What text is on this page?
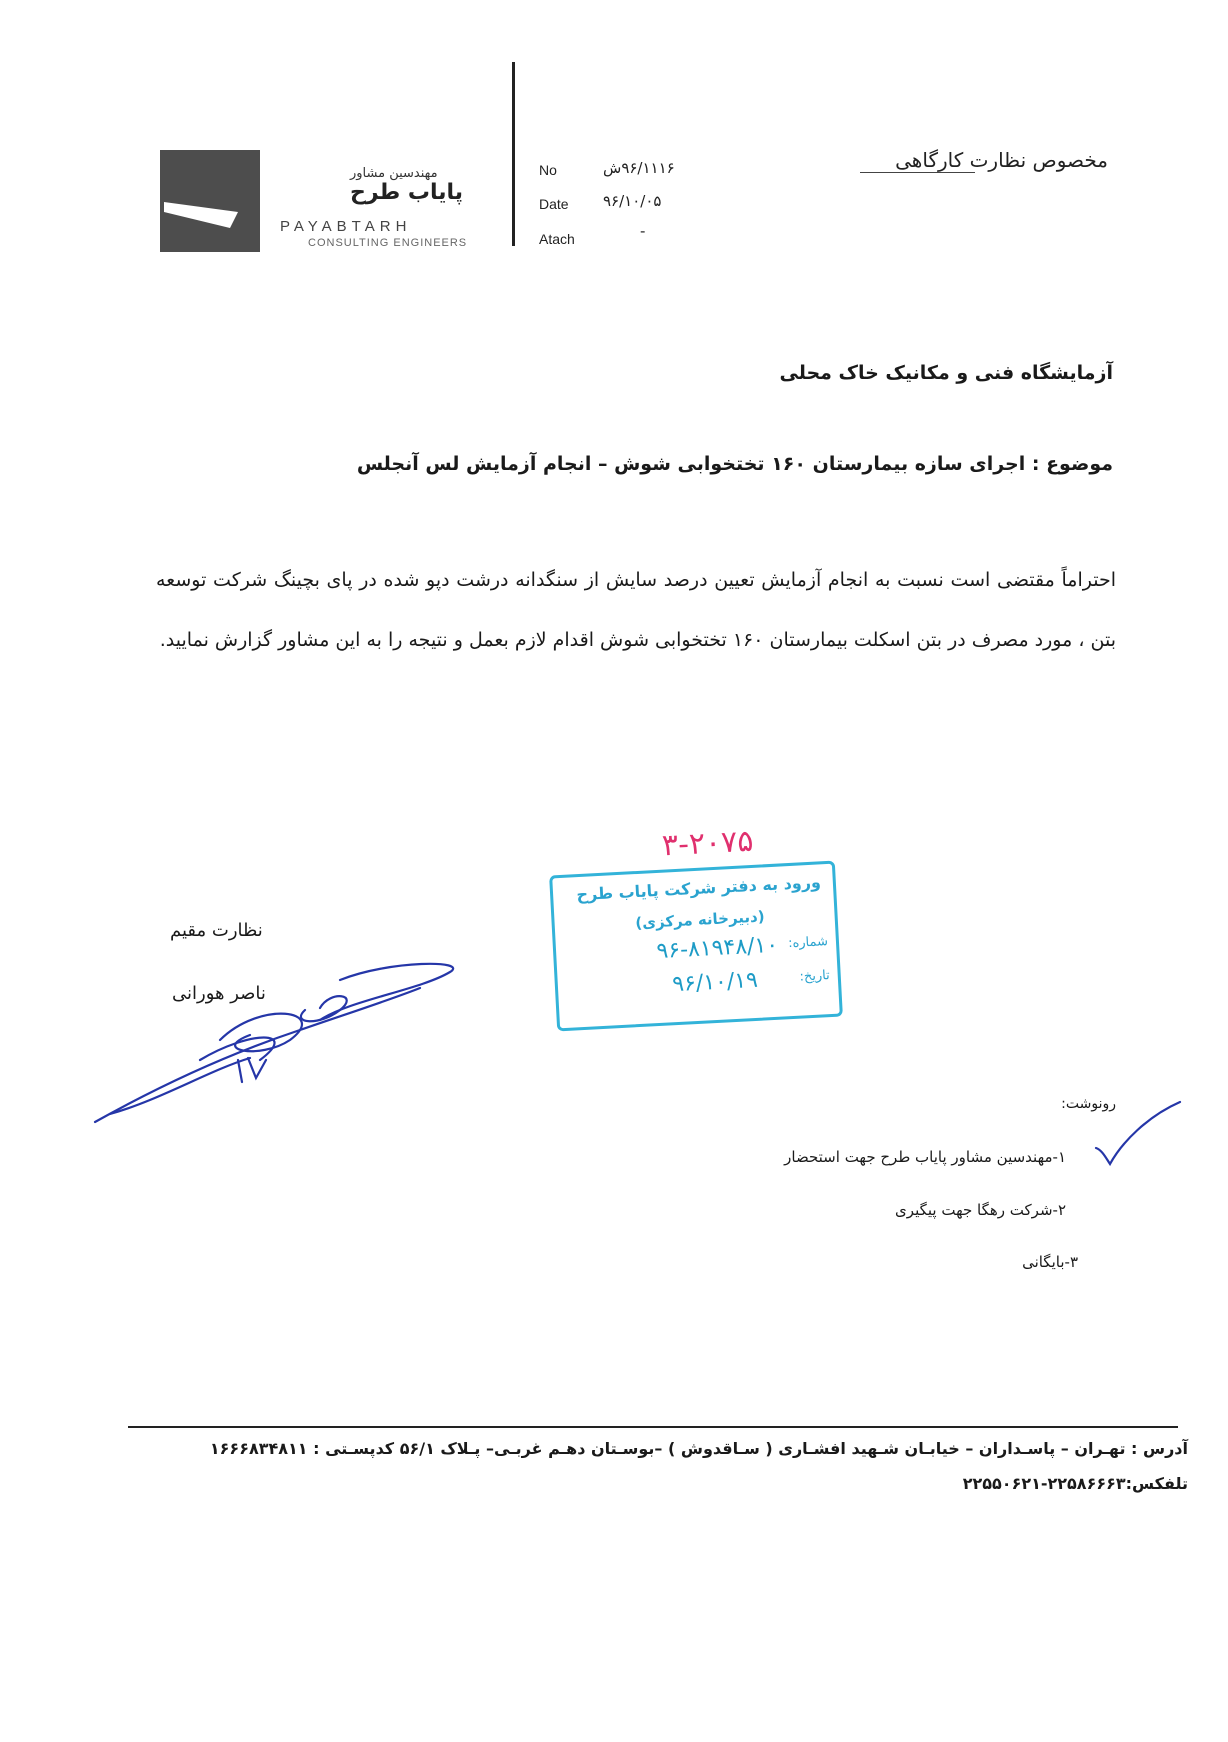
مهندسین مشاور
پایاب طرح
PAYABTARH
CONSULTING ENGINEERS
No	۹۶/۱۱۱۶ش
Date ۹۶/۱۰/۰۵
Atach	-
مخصوص نظارت کارگاهی
آزمایشگاه فنی و مکانیک خاک محلی
موضوع : اجرای سازه بیمارستان ۱۶۰ تختخوابی شوش – انجام آزمایش لس آنجلس
احتراماً مقتضی است نسبت به انجام آزمایش تعیین درصد سایش از سنگدانه درشت دپو شده در پای بچینگ شرکت توسعه بتن ، مورد مصرف در بتن اسکلت بیمارستان ۱۶۰ تختخوابی شوش اقدام لازم بعمل و نتیجه را به این مشاور گزارش نمایید.
۳-۲۰۷۵
ورود به دفتر شرکت پایاب طرح
(دبیرخانه مرکزی)
شماره:
۹۶-۸۱۹۴۸/۱۰
تاریخ:
۹۶/۱۰/۱۹
نظارت مقیم
ناصر هورانی
رونوشت:
۱-مهندسین مشاور پایاب طرح جهت استحضار
۲-شرکت رهگا جهت پیگیری
۳-بایگانی
آدرس : تهـران – پاسـداران – خیابـان شـهید افشـاری ( سـاقدوش ) –بوسـتان دهـم غربـی– پـلاک ۵۶/۱ کدپسـتی : ۱۶۶۶۸۳۴۸۱۱
تلفکس:۲۲۵۸۶۶۶۳-۲۲۵۵۰۶۲۱
